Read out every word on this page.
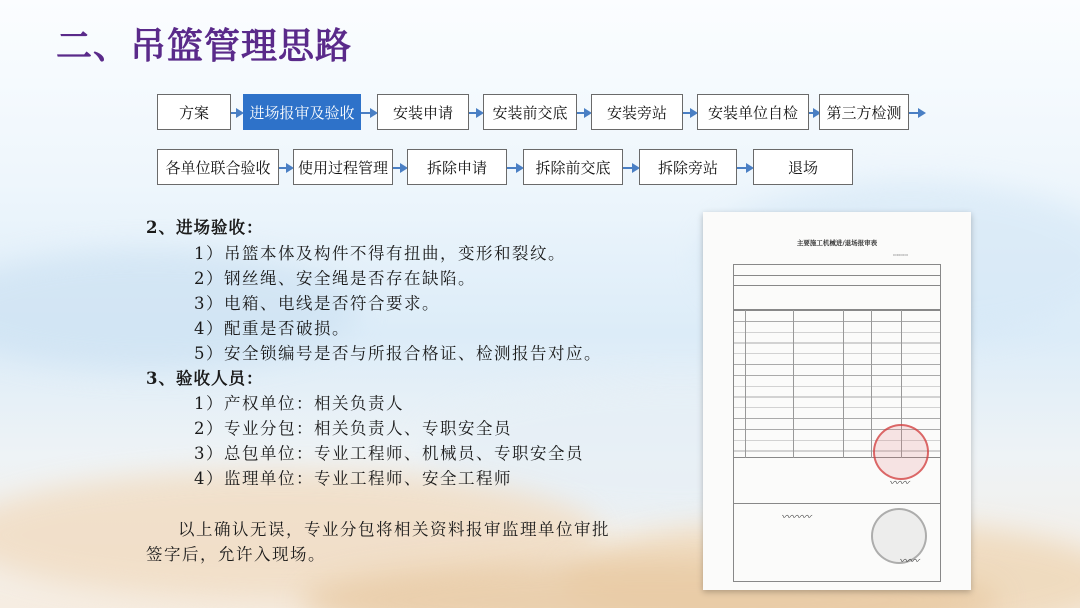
二、吊篮管理思路
方案	进场报审及验收	安装申请	安装前交底	安装旁站	安装单位自检	第三方检测
各单位联合验收	使用过程管理	拆除申请	拆除前交底	拆除旁站	退场
2、进场验收：
1）吊篮本体及构件不得有扭曲，变形和裂纹。
2）钢丝绳、安全绳是否存在缺陷。
3）电箱、电线是否符合要求。
4）配重是否破损。
5）安全锁编号是否与所报合格证、检测报告对应。
3、验收人员：
1）产权单位：相关负责人
2）专业分包：相关负责人、专职安全员
3）总包单位：专业工程师、机械员、专职安全员
4）监理单位：专业工程师、安全工程师
以上确认无误，专业分包将相关资料报审监理单位审批
签字后，允许入现场。
主要施工机械进/退场报审表
▭▭▭▭
〰〰〰
〰〰
〰〰
